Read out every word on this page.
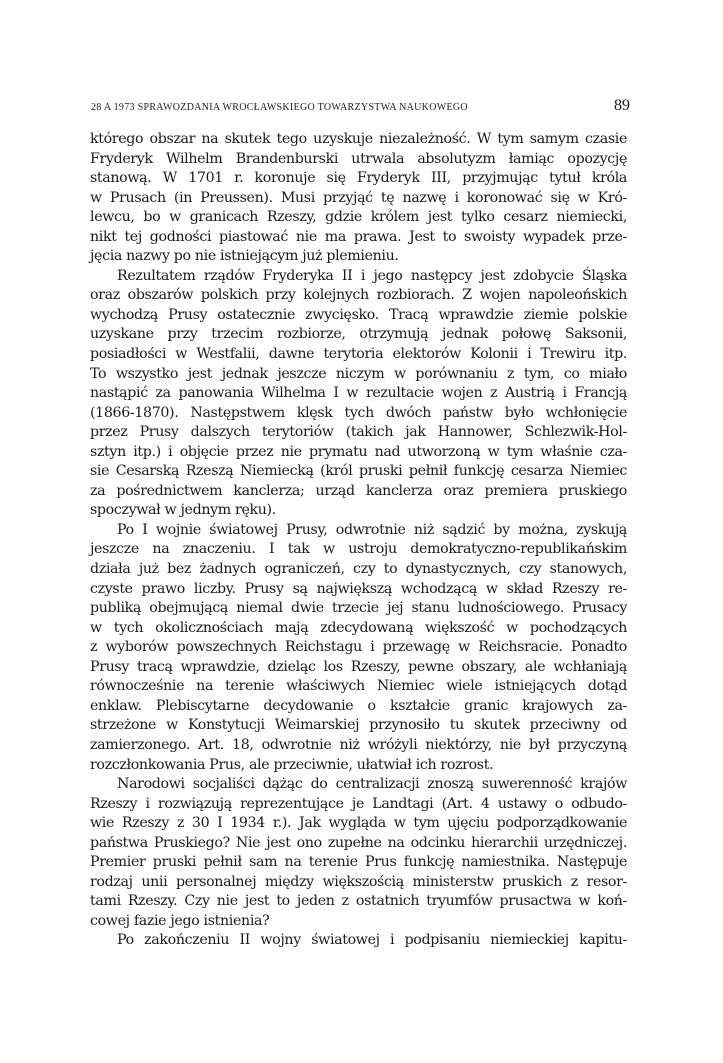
28 A 1973 SPRAWOZDANIA WROCŁAWSKIEGO TOWARZYSTWA NAUKOWEGO	89
którego obszar na skutek tego uzyskuje niezależność. W tym samym czasie
Fryderyk Wilhelm Brandenburski utrwala absolutyzm łamiąc opozycję
stanową. W 1701 r. koronuje się Fryderyk III, przyjmując tytuł króla
w Prusach (in Preussen). Musi przyjąć tę nazwę i koronować się w Kró-
lewcu, bo w granicach Rzeszy, gdzie królem jest tylko cesarz niemiecki,
nikt tej godności piastować nie ma prawa. Jest to swoisty wypadek prze-
jęcia nazwy po nie istniejącym już plemieniu.
Rezultatem rządów Fryderyka II i jego następcy jest zdobycie Śląska
oraz obszarów polskich przy kolejnych rozbiorach. Z wojen napoleońskich
wychodzą Prusy ostatecznie zwycięsko. Tracą wprawdzie ziemie polskie
uzyskane przy trzecim rozbiorze, otrzymują jednak połowę Saksonii,
posiadłości w Westfalii, dawne terytoria elektorów Kolonii i Trewiru itp.
To wszystko jest jednak jeszcze niczym w porównaniu z tym, co miało
nastąpić za panowania Wilhelma I w rezultacie wojen z Austrią i Francją
(1866-1870). Następstwem klęsk tych dwóch państw było wchłonięcie
przez Prusy dalszych terytoriów (takich jak Hannower, Schlezwik-Hol-
sztyn itp.) i objęcie przez nie prymatu nad utworzoną w tym właśnie cza-
sie Cesarską Rzeszą Niemiecką (król pruski pełnił funkcję cesarza Niemiec
za pośrednictwem kanclerza; urząd kanclerza oraz premiera pruskiego
spoczywał w jednym ręku).
Po I wojnie światowej Prusy, odwrotnie niż sądzić by można, zyskują
jeszcze na znaczeniu. I tak w ustroju demokratyczno-republikańskim
działa już bez żadnych ograniczeń, czy to dynastycznych, czy stanowych,
czyste prawo liczby. Prusy są największą wchodzącą w skład Rzeszy re-
publiką obejmującą niemal dwie trzecie jej stanu ludnościowego. Prusacy
w tych okolicznościach mają zdecydowaną większość w pochodzących
z wyborów powszechnych Reichstagu i przewagę w Reichsracie. Ponadto
Prusy tracą wprawdzie, dzieląc los Rzeszy, pewne obszary, ale wchłaniają
równocześnie na terenie właściwych Niemiec wiele istniejących dotąd
enklaw. Plebiscytarne decydowanie o kształcie granic krajowych za-
strzeżone w Konstytucji Weimarskiej przynosiło tu skutek przeciwny od
zamierzonego. Art. 18, odwrotnie niż wróżyli niektórzy, nie był przyczyną
rozczłonkowania Prus, ale przeciwnie, ułatwiał ich rozrost.
Narodowi socjaliści dążąc do centralizacji znoszą suwerenność krajów
Rzeszy i rozwiązują reprezentujące je Landtagi (Art. 4 ustawy o odbudo-
wie Rzeszy z 30 I 1934 r.). Jak wygląda w tym ujęciu podporządkowanie
państwa Pruskiego? Nie jest ono zupełne na odcinku hierarchii urzędniczej.
Premier pruski pełnił sam na terenie Prus funkcję namiestnika. Następuje
rodzaj unii personalnej między większością ministerstw pruskich z resor-
tami Rzeszy. Czy nie jest to jeden z ostatnich tryumfów prusactwa w koń-
cowej fazie jego istnienia?
Po zakończeniu II wojny światowej i podpisaniu niemieckiej kapitu-
